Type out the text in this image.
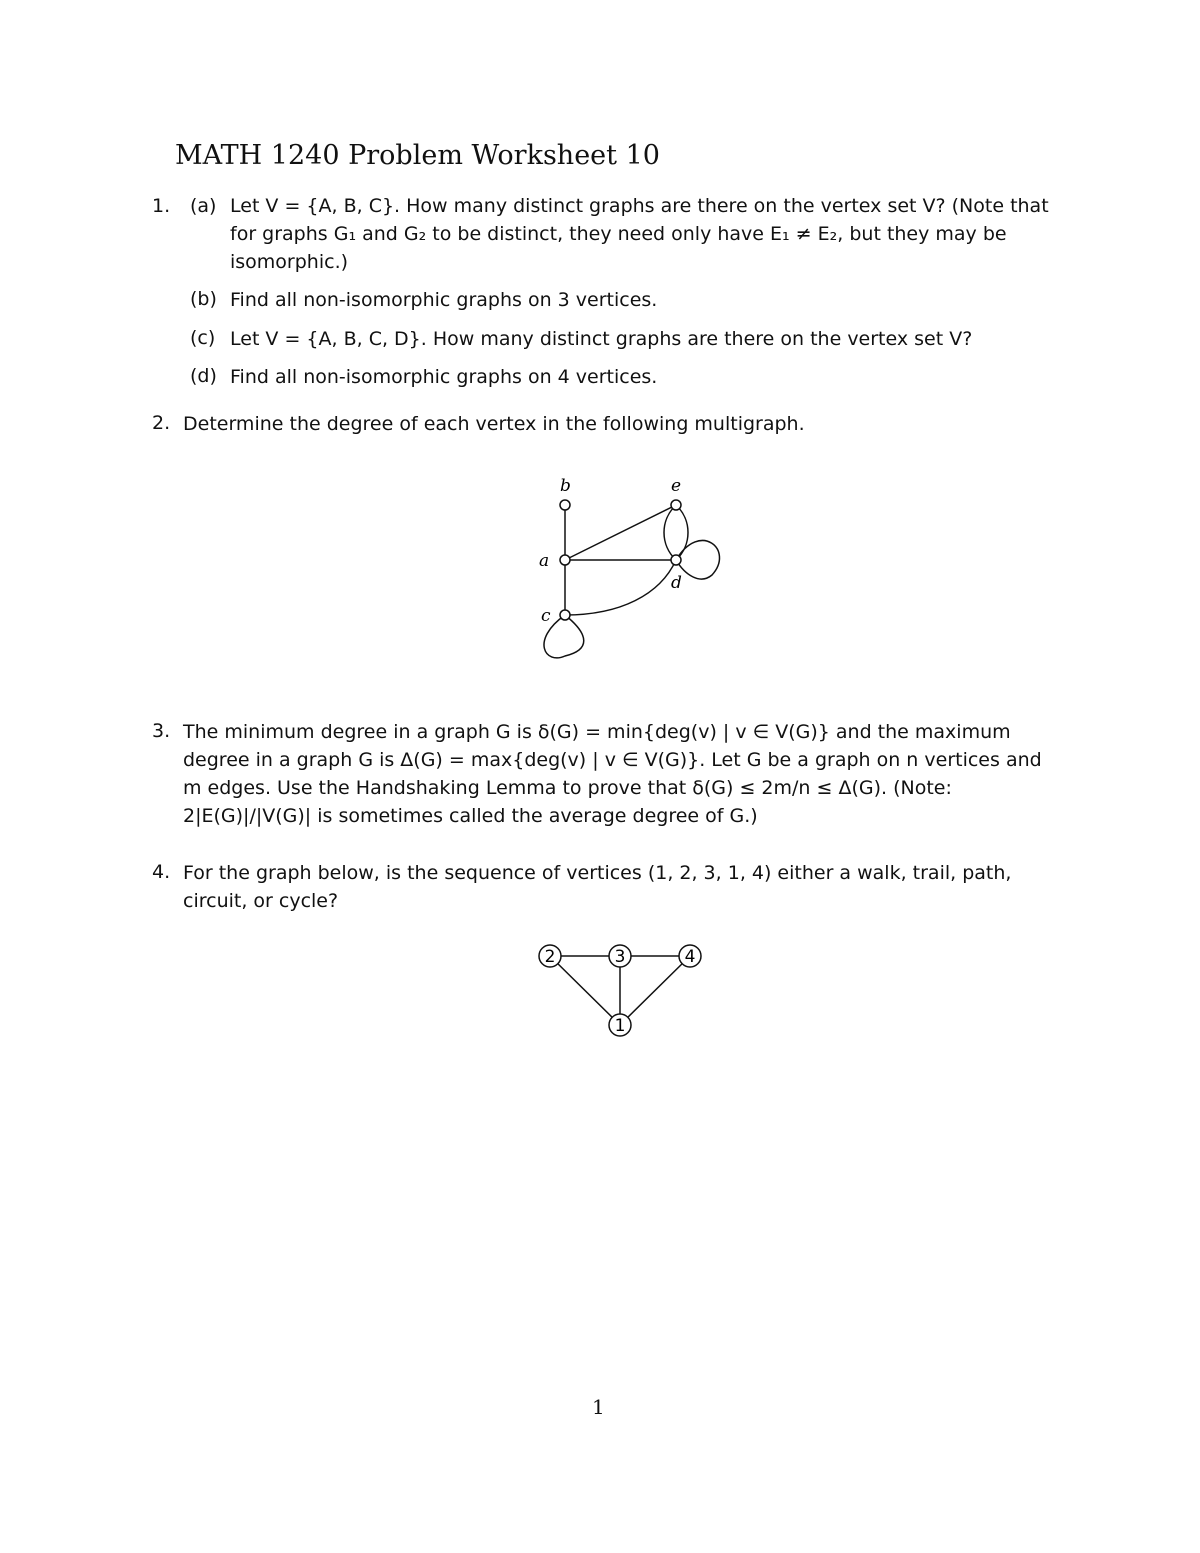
MATH 1240 Problem Worksheet 10
1. (a) Let V = {A, B, C}. How many distinct graphs are there on the vertex set V? (Note that for graphs G₁ and G₂ to be distinct, they need only have E₁ ≠ E₂, but they may be isomorphic.)
(b) Find all non-isomorphic graphs on 3 vertices.
(c) Let V = {A, B, C, D}. How many distinct graphs are there on the vertex set V?
(d) Find all non-isomorphic graphs on 4 vertices.
2. Determine the degree of each vertex in the following multigraph.
b	e
a
d
c
3. The minimum degree in a graph G is δ(G) = min{deg(v) | v ∈ V(G)} and the maximum degree in a graph G is Δ(G) = max{deg(v) | v ∈ V(G)}. Let G be a graph on n vertices and m edges. Use the Handshaking Lemma to prove that δ(G) ≤ 2m/n ≤ Δ(G). (Note: 2|E(G)|/|V(G)| is sometimes called the average degree of G.)
4. For the graph below, is the sequence of vertices (1, 2, 3, 1, 4) either a walk, trail, path, circuit, or cycle?
2	3	4
1
1
